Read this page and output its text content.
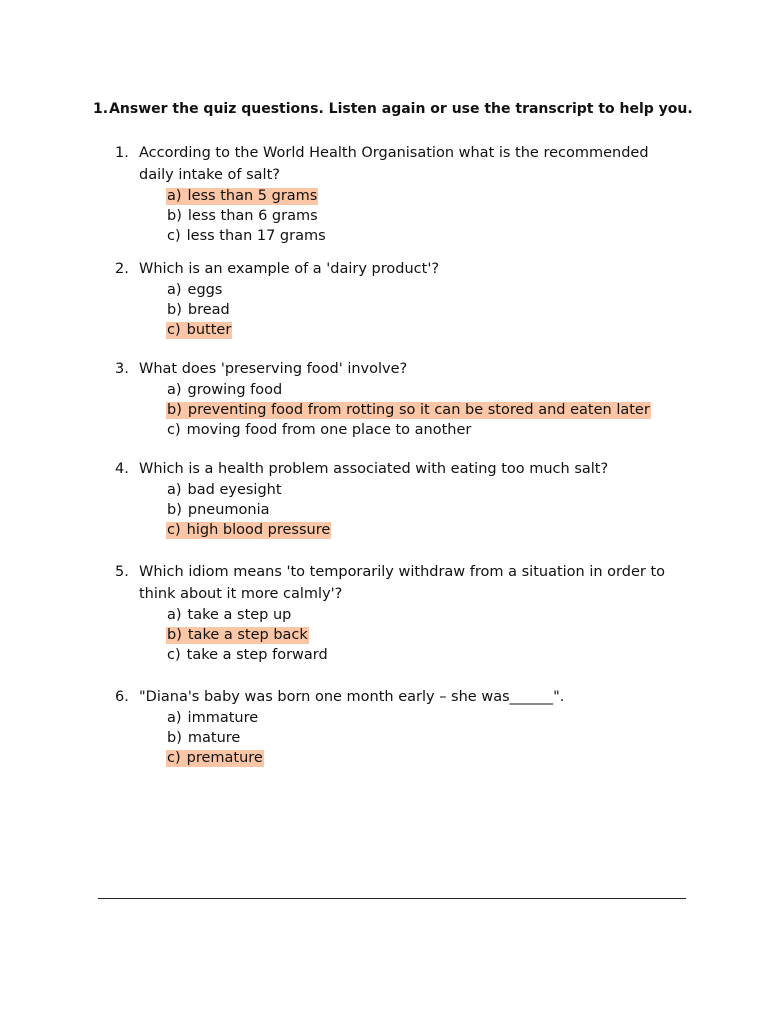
1.Answer the quiz questions. Listen again or use the transcript to help you.
1. According to the World Health Organisation what is the recommended daily intake of salt?
a) less than 5 grams
b) less than 6 grams
c) less than 17 grams
2. Which is an example of a 'dairy product'?
a) eggs
b) bread
c) butter
3. What does 'preserving food' involve?
a) growing food
b) preventing food from rotting so it can be stored and eaten later
c) moving food from one place to another
4. Which is a health problem associated with eating too much salt?
a) bad eyesight
b) pneumonia
c) high blood pressure
5. Which idiom means 'to temporarily withdraw from a situation in order to think about it more calmly'?
a) take a step up
b) take a step back
c) take a step forward
6. "Diana's baby was born one month early – she was______".
a) immature
b) mature
c) premature
